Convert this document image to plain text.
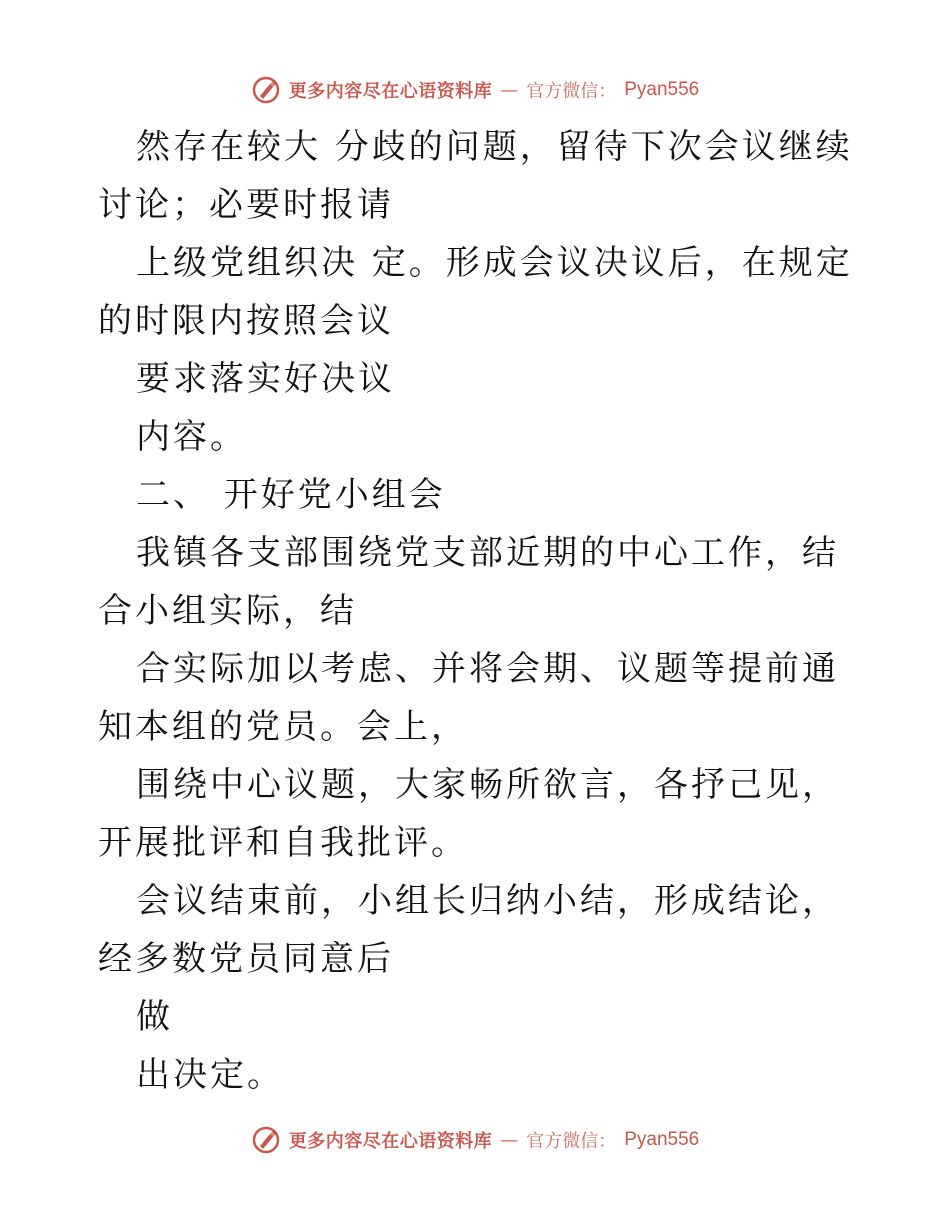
更多内容尽在心语资料库 — 官方微信： Pyan556

然存在较大 分歧的问题，留待下次会议继续讨论；必要时报请

上级党组织决 定。形成会议决议后，在规定的时限内按照会议

要求落实好决议

内容。

二、 开好党小组会

我镇各支部围绕党支部近期的中心工作，结合小组实际，结

合实际加以考虑、并将会期、议题等提前通知本组的党员。会上，

围绕中心议题，大家畅所欲言，各抒己见，开展批评和自我批评。

会议结束前，小组长归纳小结，形成结论，经多数党员同意后

做

出决定。

更多内容尽在心语资料库 — 官方微信： Pyan556
